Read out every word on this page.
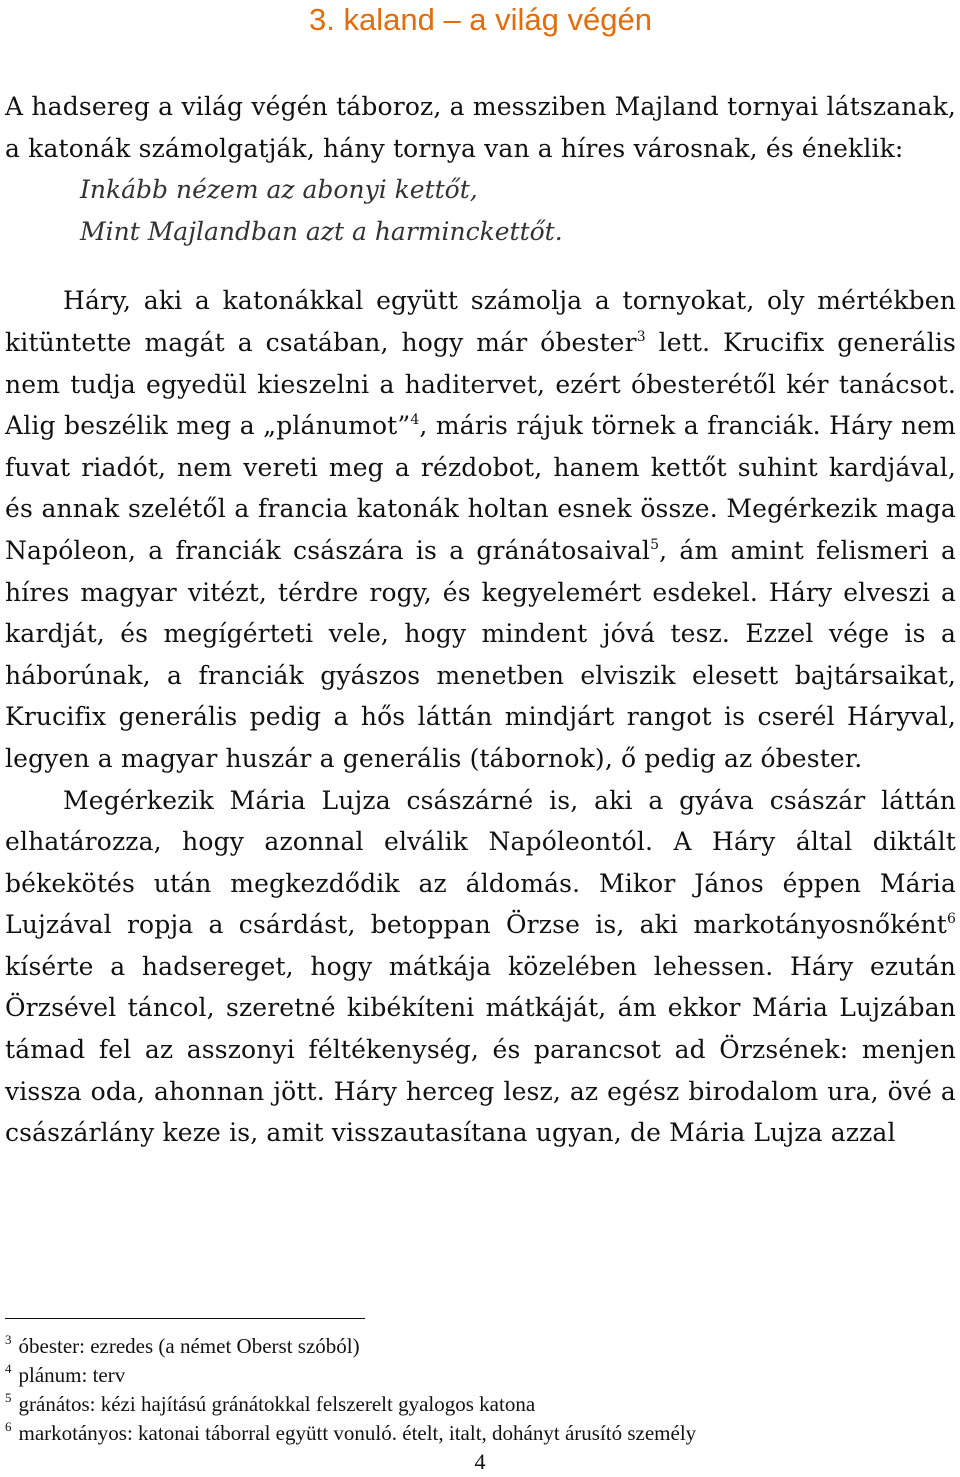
3. kaland – a világ végén

A hadsereg a világ végén táboroz, a messziben Majland tornyai látszanak, a katonák számolgatják, hány tornya van a híres városnak, és éneklik:

Inkább nézem az abonyi kettőt,
Mint Majlandban azt a harminckettőt.

Háry, aki a katonákkal együtt számolja a tornyokat, oly mértékben kitüntette magát a csatában, hogy már óbester$^3$ lett. Krucifix generális nem tudja egyedül kieszelni a haditervet, ezért óbesterétől kér tanácsot. Alig beszélik meg a „plánumot”$^4$, máris rájuk törnek a franciák. Háry nem fuvat riadót, nem vereti meg a rézdobot, hanem kettőt suhint kardjával, és annak szelétől a francia katonák holtan esnek össze. Megérkezik maga Napóleon, a franciák császára is a gránátosaival$^5$, ám amint felismeri a híres magyar vitézt, térdre rogy, és kegyelemért esdekel. Háry elveszi a kardját, és megígérteti vele, hogy mindent jóvá tesz. Ezzel vége is a háborúnak, a franciák gyászos menetben elviszik elesett bajtársaikat, Krucifix generális pedig a hős láttán mindjárt rangot is cserél Háryval, legyen a magyar huszár a generális (tábornok), ő pedig az óbester.

Megérkezik Mária Lujza császárné is, aki a gyáva császár láttán elhatározza, hogy azonnal elválik Napóleontól. A Háry által diktált békekötés után megkezdődik az áldomás. Mikor János éppen Mária Lujzával ropja a csárdást, betoppan Örzse is, aki markotányosnőként$^6$ kísérte a hadsereget, hogy mátkája közelében lehessen. Háry ezután Örzsével táncol, szeretné kibékíteni mátkáját, ám ekkor Mária Lujzában támad fel az asszonyi féltékenység, és parancsot ad Örzsének: menjen vissza oda, ahonnan jött. Háry herceg lesz, az egész birodalom ura, övé a császárlány keze is, amit visszautasítana ugyan, de Mária Lujza azzal

$^3$ óbester: ezredes (a német Oberst szóból)
$^4$ plánum: terv
$^5$ gránátos: kézi hajítású gránátokkal felszerelt gyalogos katona
$^6$ markotányos: katonai táborral együtt vonuló. ételt, italt, dohányt árusító személy
4
